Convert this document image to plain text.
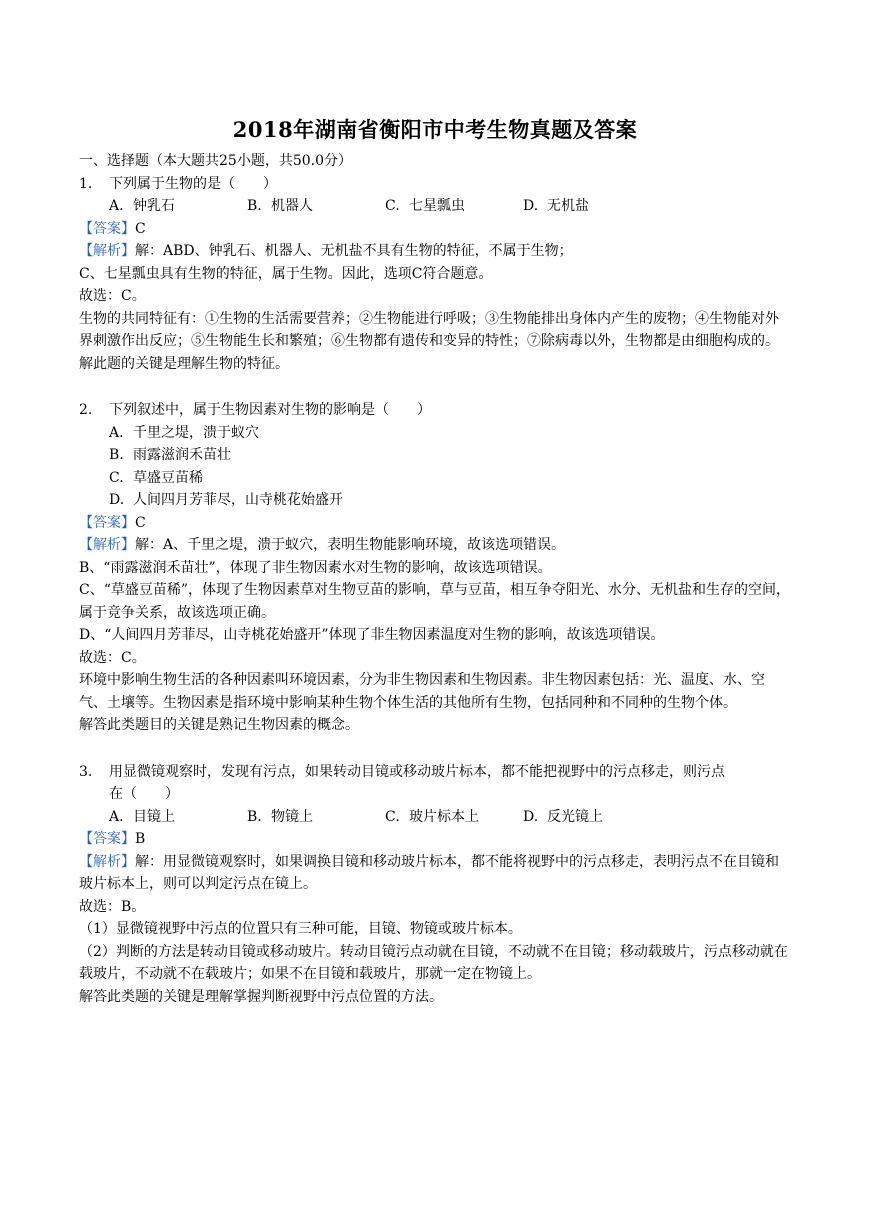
2018年湖南省衡阳市中考生物真题及答案
一、选择题（本大题共25小题，共50.0分）
1. 下列属于生物的是（　　）
A. 钟乳石	B. 机器人	C. 七星瓢虫	D. 无机盐
【答案】C
【解析】解：ABD、钟乳石、机器人、无机盐不具有生物的特征，不属于生物；
C、七星瓢虫具有生物的特征，属于生物。因此，选项C符合题意。
故选：C。
生物的共同特征有：①生物的生活需要营养；②生物能进行呼吸；③生物能排出身体内产生的废物；④生物能对外界刺激作出反应；⑤生物能生长和繁殖；⑥生物都有遗传和变异的特性；⑦除病毒以外，生物都是由细胞构成的。
解此题的关键是理解生物的特征。
2. 下列叙述中，属于生物因素对生物的影响是（　　）
A. 千里之堤，溃于蚁穴
B. 雨露滋润禾苗壮
C. 草盛豆苗稀
D. 人间四月芳菲尽，山寺桃花始盛开
【答案】C
【解析】解：A、千里之堤，溃于蚁穴，表明生物能影响环境，故该选项错误。
B、“雨露滋润禾苗壮”，体现了非生物因素水对生物的影响，故该选项错误。
C、“草盛豆苗稀”，体现了生物因素草对生物豆苗的影响，草与豆苗，相互争夺阳光、水分、无机盐和生存的空间，属于竞争关系，故该选项正确。
D、“人间四月芳菲尽，山寺桃花始盛开”体现了非生物因素温度对生物的影响，故该选项错误。
故选：C。
环境中影响生物生活的各种因素叫环境因素，分为非生物因素和生物因素。非生物因素包括：光、温度、水、空气、土壤等。生物因素是指环境中影响某种生物个体生活的其他所有生物，包括同种和不同种的生物个体。
解答此类题目的关键是熟记生物因素的概念。
3. 用显微镜观察时，发现有污点，如果转动目镜或移动玻片标本，都不能把视野中的污点移走，则污点
在（　　）
A. 目镜上	B. 物镜上	C. 玻片标本上	D. 反光镜上
【答案】B
【解析】解：用显微镜观察时，如果调换目镜和移动玻片标本，都不能将视野中的污点移走，表明污点不在目镜和玻片标本上，则可以判定污点在镜上。
故选：B。
（1）显微镜视野中污点的位置只有三种可能，目镜、物镜或玻片标本。
（2）判断的方法是转动目镜或移动玻片。转动目镜污点动就在目镜，不动就不在目镜；移动载玻片，污点移动就在载玻片，不动就不在载玻片；如果不在目镜和载玻片，那就一定在物镜上。
解答此类题的关键是理解掌握判断视野中污点位置的方法。
